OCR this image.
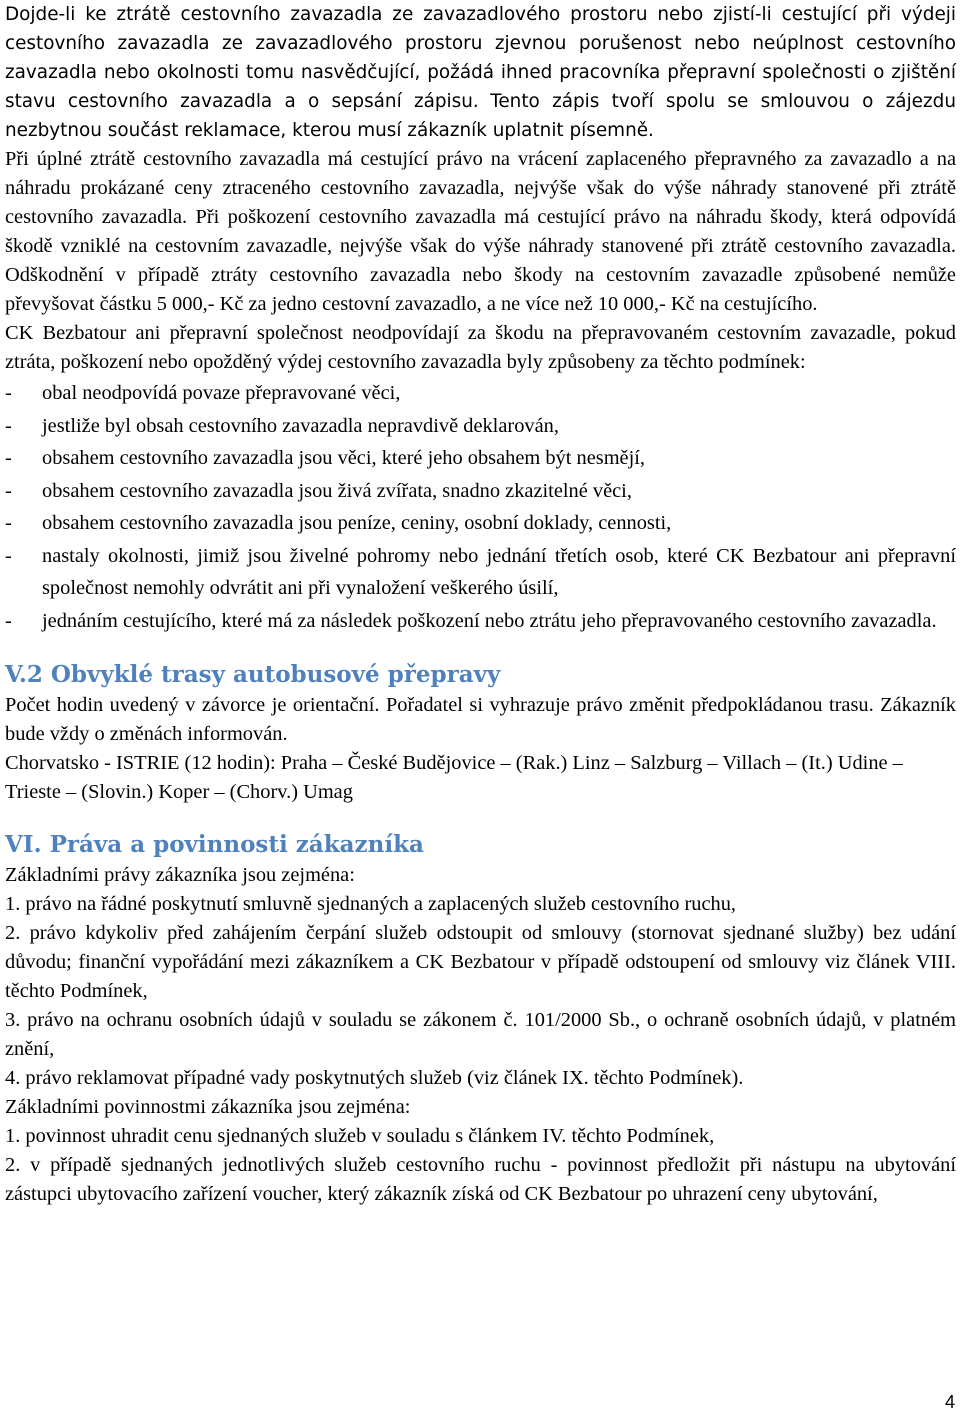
Dojde-li ke ztrátě cestovního zavazadla ze zavazadlového prostoru nebo zjistí-li cestující při výdeji cestovního zavazadla ze zavazadlového prostoru zjevnou porušenost nebo neúplnost cestovního zavazadla nebo okolnosti tomu nasvědčující, požádá ihned pracovníka přepravní společnosti o zjištění stavu cestovního zavazadla a o sepsání zápisu. Tento zápis tvoří spolu se smlouvou o zájezdu nezbytnou součást reklamace, kterou musí zákazník uplatnit písemně.

Při úplné ztrátě cestovního zavazadla má cestující právo na vrácení zaplaceného přepravného za zavazadlo a na náhradu prokázané ceny ztraceného cestovního zavazadla, nejvýše však do výše náhrady stanovené při ztrátě cestovního zavazadla. Při poškození cestovního zavazadla má cestující právo na náhradu škody, která odpovídá škodě vzniklé na cestovním zavazadle, nejvýše však do výše náhrady stanovené při ztrátě cestovního zavazadla. Odškodnění v případě ztráty cestovního zavazadla nebo škody na cestovním zavazadle způsobené nemůže převyšovat částku 5 000,- Kč za jedno cestovní zavazadlo, a ne více než 10 000,- Kč na cestujícího.

CK Bezbatour ani přepravní společnost neodpovídají za škodu na přepravovaném cestovním zavazadle, pokud ztráta, poškození nebo opožděný výdej cestovního zavazadla byly způsobeny za těchto podmínek:

- obal neodpovídá povaze přepravované věci,
- jestliže byl obsah cestovního zavazadla nepravdivě deklarován,
- obsahem cestovního zavazadla jsou věci, které jeho obsahem být nesmějí,
- obsahem cestovního zavazadla jsou živá zvířata, snadno zkazitelné věci,
- obsahem cestovního zavazadla jsou peníze, ceniny, osobní doklady, cennosti,
- nastaly okolnosti, jimiž jsou živelné pohromy nebo jednání třetích osob, které CK Bezbatour ani přepravní společnost nemohly odvrátit ani při vynaložení veškerého úsilí,
- jednáním cestujícího, které má za následek poškození nebo ztrátu jeho přepravovaného cestovního zavazadla.
V.2 Obvyklé trasy autobusové přepravy

Počet hodin uvedený v závorce je orientační. Pořadatel si vyhrazuje právo změnit předpokládanou trasu. Zákazník bude vždy o změnách informován.

Chorvatsko - ISTRIE (12 hodin): Praha – České Budějovice – (Rak.) Linz – Salzburg – Villach – (It.) Udine – Trieste – (Slovin.) Koper – (Chorv.) Umag

VI. Práva a povinnosti zákazníka

Základními právy zákazníka jsou zejména:

1. právo na řádné poskytnutí smluvně sjednaných a zaplacených služeb cestovního ruchu,

2. právo kdykoliv před zahájením čerpání služeb odstoupit od smlouvy (stornovat sjednané služby) bez udání důvodu; finanční vypořádání mezi zákazníkem a CK Bezbatour v případě odstoupení od smlouvy viz článek VIII. těchto Podmínek,

3. právo na ochranu osobních údajů v souladu se zákonem č. 101/2000 Sb., o ochraně osobních údajů, v platném znění,

4. právo reklamovat případné vady poskytnutých služeb (viz článek IX. těchto Podmínek).

Základními povinnostmi zákazníka jsou zejména:

1. povinnost uhradit cenu sjednaných služeb v souladu s článkem IV. těchto Podmínek,

2. v případě sjednaných jednotlivých služeb cestovního ruchu - povinnost předložit při nástupu na ubytování zástupci ubytovacího zařízení voucher, který zákazník získá od CK Bezbatour po uhrazení ceny ubytování,

4
